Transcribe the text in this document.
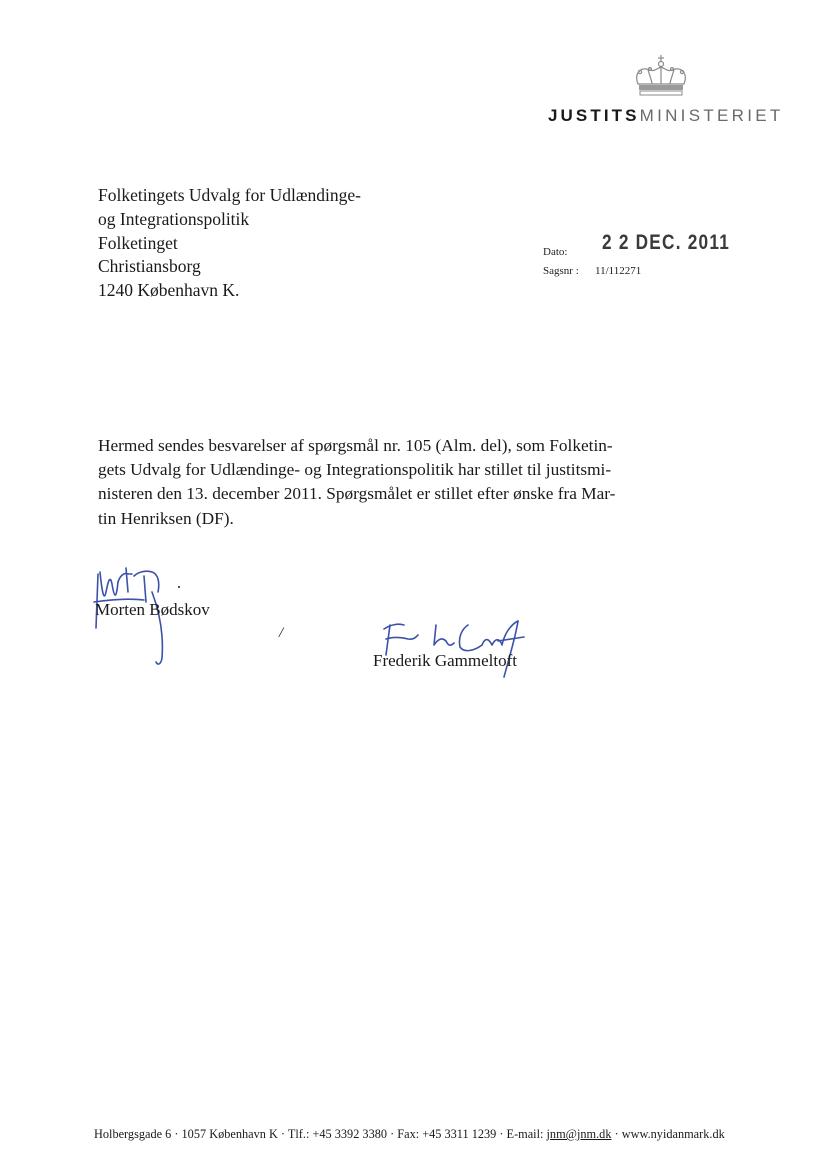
JUSTITSMINISTERIET
Folketingets Udvalg for Udlændinge-
og Integrationspolitik
Folketinget
Christiansborg
1240 København K.
Dato: 2 2 DEC. 2011
Sagsnr : 11/112271
Hermed sendes besvarelser af spørgsmål nr. 105 (Alm. del), som Folketin-
gets Udvalg for Udlændinge- og Integrationspolitik har stillet til justitsmi-
nisteren den 13. december 2011. Spørgsmålet er stillet efter ønske fra Mar-
tin Henriksen (DF).
Morten Bødskov
/
Frederik Gammeltoft
Holbergsgade 6 · 1057 København K · Tlf.: +45 3392 3380 · Fax: +45 3311 1239 · E-mail: jnm@jnm.dk · www.nyidanmark.dk
